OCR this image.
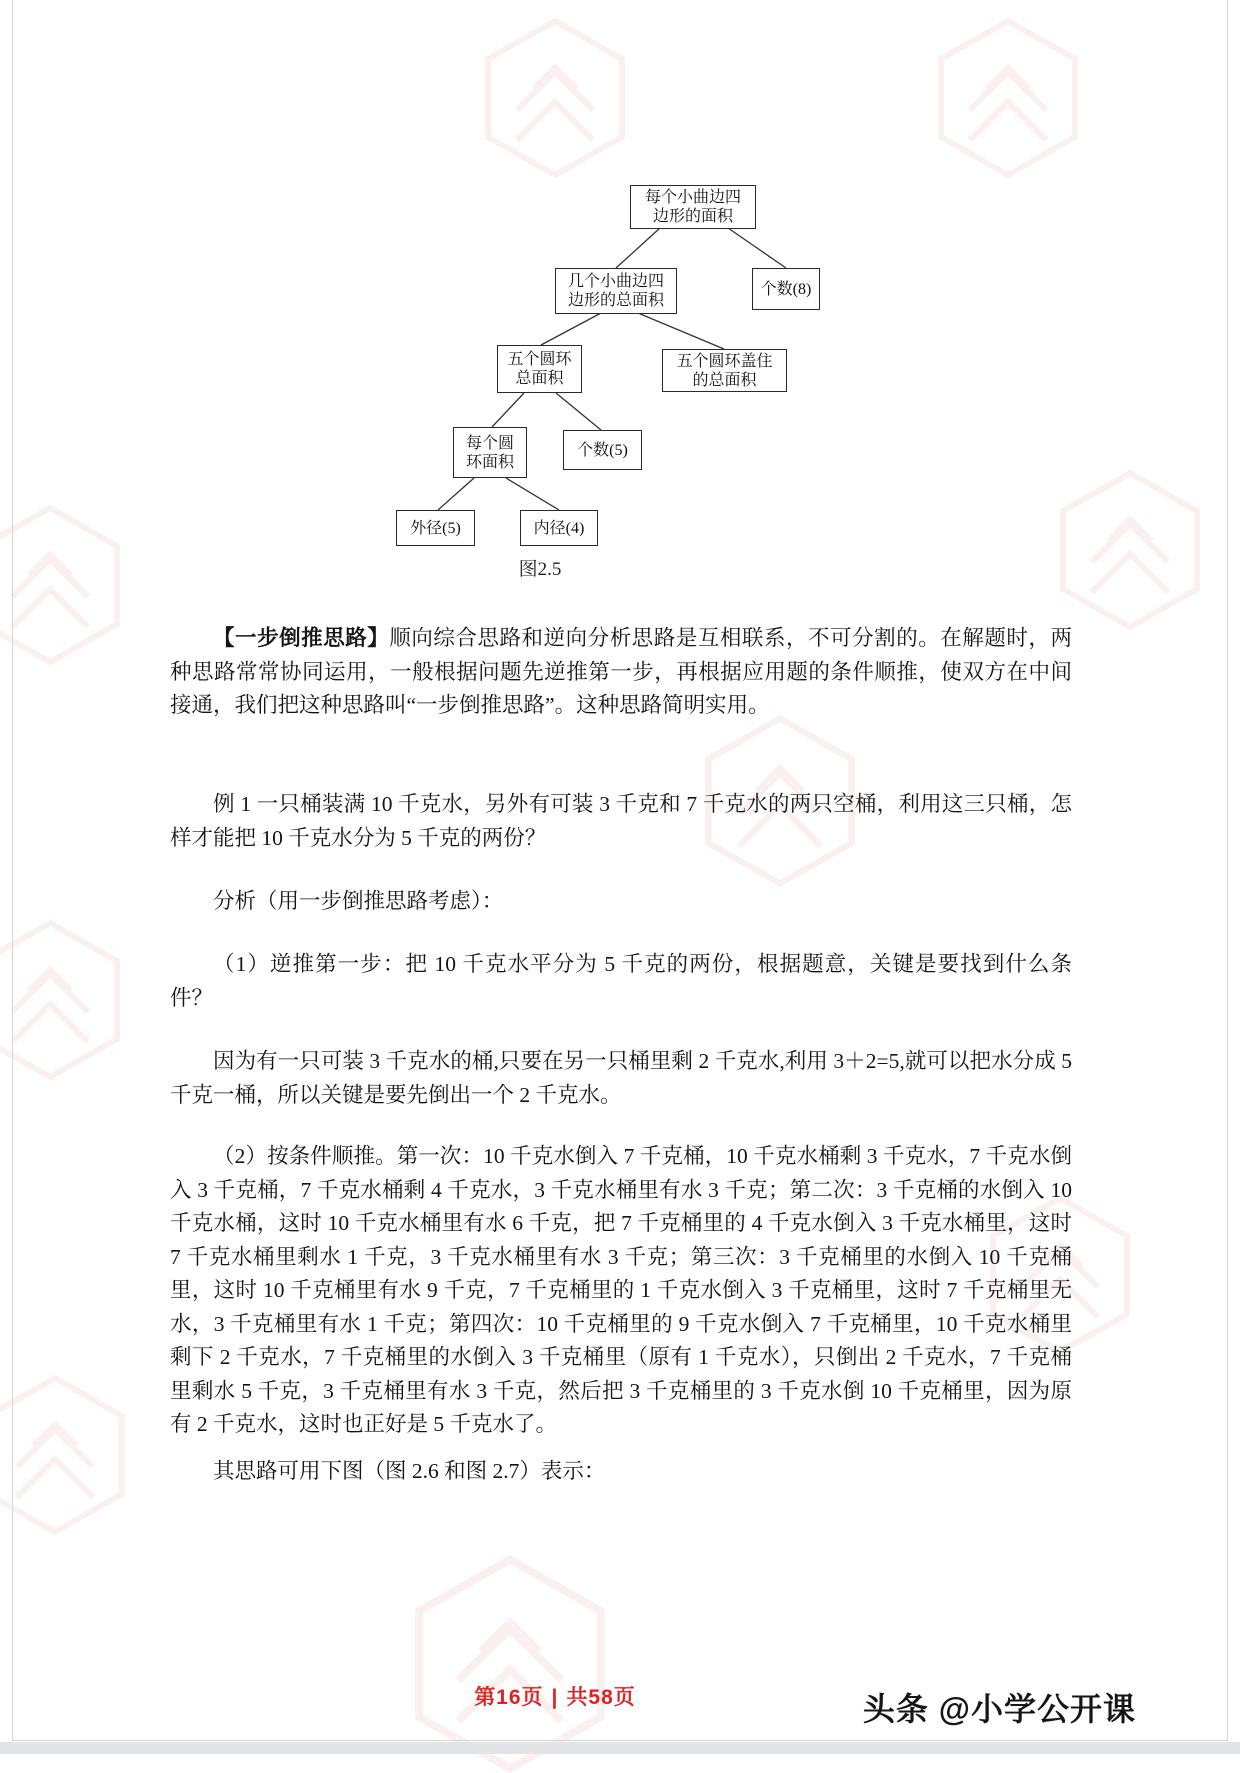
每个小曲边四
边形的面积
几个小曲边四
边形的总面积
个数(8)
五个圆环
总面积
五个圆环盖住
的总面积
每个圆
环面积
个数(5)
外径(5)	内径(4)
图2.5

【一步倒推思路】顺向综合思路和逆向分析思路是互相联系，不可分割的。在解题时，两种思路常常协同运用，一般根据问题先逆推第一步，再根据应用题的条件顺推，使双方在中间接通，我们把这种思路叫“一步倒推思路”。这种思路简明实用。

例 1 一只桶装满 10 千克水，另外有可装 3 千克和 7 千克水的两只空桶，利用这三只桶，怎样才能把 10 千克水分为 5 千克的两份？

分析（用一步倒推思路考虑）：

（1）逆推第一步：把 10 千克水平分为 5 千克的两份，根据题意，关键是要找到什么条件？

因为有一只可装 3 千克水的桶,只要在另一只桶里剩 2 千克水,利用 3＋2=5,就可以把水分成 5 千克一桶，所以关键是要先倒出一个 2 千克水。

（2）按条件顺推。第一次：10 千克水倒入 7 千克桶，10 千克水桶剩 3 千克水，7 千克水倒入 3 千克桶，7 千克水桶剩 4 千克水，3 千克水桶里有水 3 千克；第二次：3 千克桶的水倒入 10 千克水桶，这时 10 千克水桶里有水 6 千克，把 7 千克桶里的 4 千克水倒入 3 千克水桶里，这时 7 千克水桶里剩水 1 千克，3 千克水桶里有水 3 千克；第三次：3 千克桶里的水倒入 10 千克桶里，这时 10 千克桶里有水 9 千克，7 千克桶里的 1 千克水倒入 3 千克桶里，这时 7 千克桶里无水，3 千克桶里有水 1 千克；第四次：10 千克桶里的 9 千克水倒入 7 千克桶里，10 千克水桶里剩下 2 千克水，7 千克桶里的水倒入 3 千克桶里（原有 1 千克水），只倒出 2 千克水，7 千克桶里剩水 5 千克，3 千克桶里有水 3 千克，然后把 3 千克桶里的 3 千克水倒 10 千克桶里，因为原有 2 千克水，这时也正好是 5 千克水了。

其思路可用下图（图 2.6 和图 2.7）表示：

第16页 | 共58页	头条 @小学公开课
